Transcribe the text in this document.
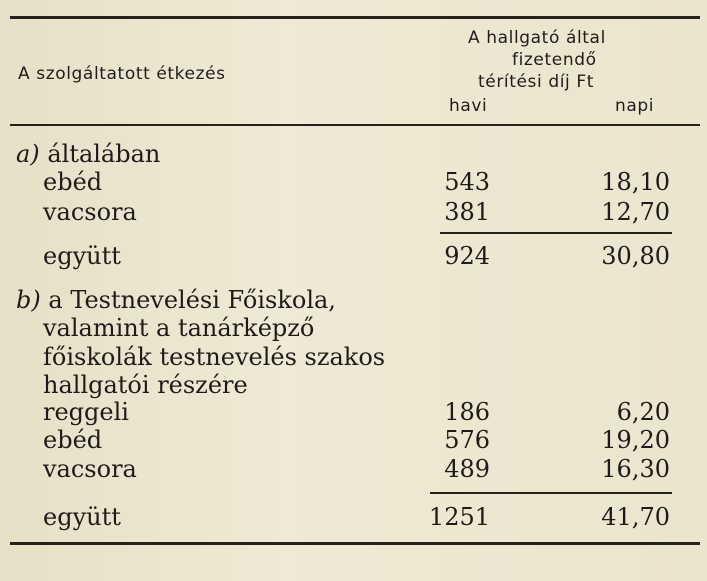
A szolgáltatott étkezés
A hallgató által
fizetendő
térítési díj Ft
havi	napi
a) általában
ebéd	543	18,10
vacsora	381	12,70
együtt	924	30,80
b) a Testnevelési Főiskola,
valamint a tanárképző
főiskolák testnevelés szakos
hallgatói részére
reggeli	186	6,20
ebéd	576	19,20
vacsora	489	16,30
együtt	1251	41,70
